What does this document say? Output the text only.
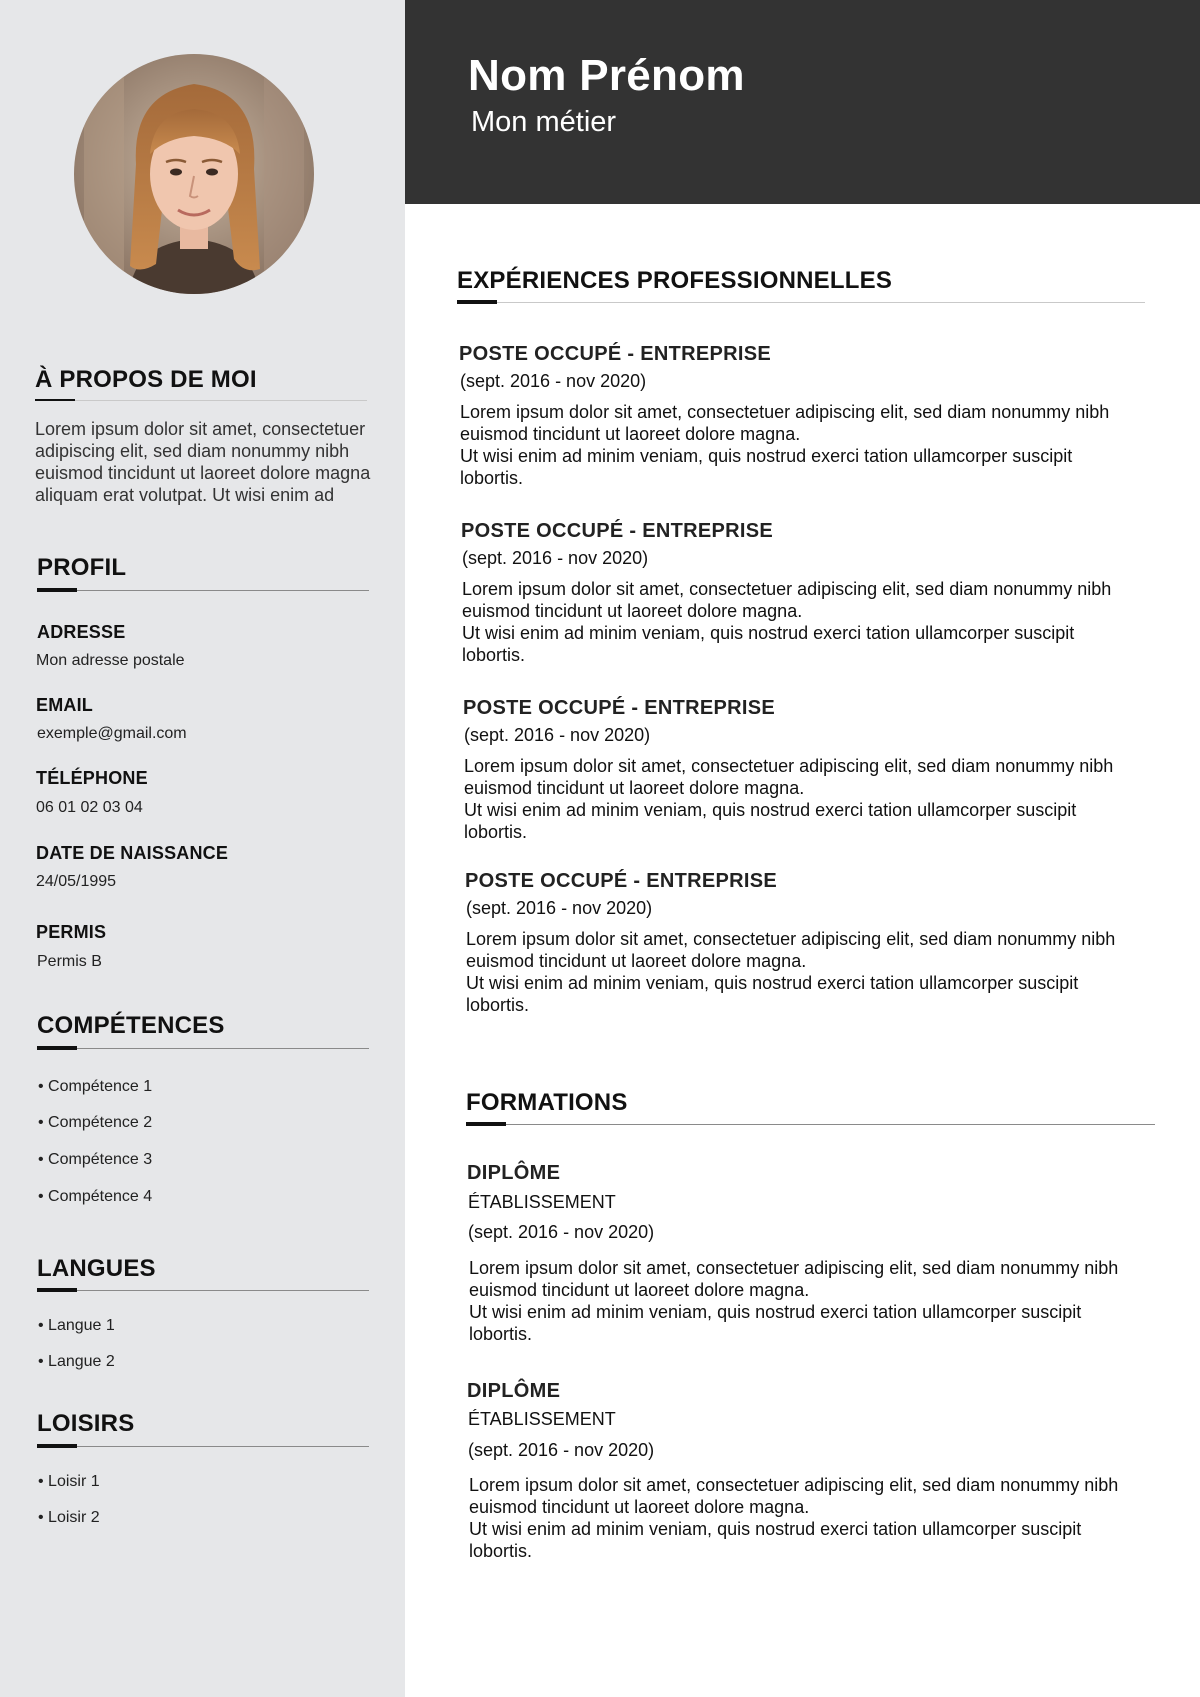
Nom Prénom
Mon métier
À PROPOS DE MOI
Lorem ipsum dolor sit amet, consectetuer adipiscing elit, sed diam nonummy nibh euismod tincidunt ut laoreet dolore magna aliquam erat volutpat. Ut wisi enim ad
PROFIL
ADRESSE
Mon adresse postale
EMAIL
exemple@gmail.com
TÉLÉPHONE
06 01 02 03 04
DATE DE NAISSANCE
24/05/1995
PERMIS
Permis B
COMPÉTENCES
• Compétence 1
• Compétence 2
• Compétence 3
• Compétence 4
LANGUES
• Langue 1
• Langue 2
LOISIRS
• Loisir 1
• Loisir 2
EXPÉRIENCES PROFESSIONNELLES
POSTE OCCUPÉ - ENTREPRISE
(sept. 2016 - nov 2020)
Lorem ipsum dolor sit amet, consectetuer adipiscing elit, sed diam nonummy nibh
euismod tincidunt ut laoreet dolore magna.
Ut wisi enim ad minim veniam, quis nostrud exerci tation ullamcorper suscipit
lobortis.
POSTE OCCUPÉ - ENTREPRISE
(sept. 2016 - nov 2020)
Lorem ipsum dolor sit amet, consectetuer adipiscing elit, sed diam nonummy nibh
euismod tincidunt ut laoreet dolore magna.
Ut wisi enim ad minim veniam, quis nostrud exerci tation ullamcorper suscipit
lobortis.
POSTE OCCUPÉ - ENTREPRISE
(sept. 2016 - nov 2020)
Lorem ipsum dolor sit amet, consectetuer adipiscing elit, sed diam nonummy nibh
euismod tincidunt ut laoreet dolore magna.
Ut wisi enim ad minim veniam, quis nostrud exerci tation ullamcorper suscipit
lobortis.
POSTE OCCUPÉ - ENTREPRISE
(sept. 2016 - nov 2020)
Lorem ipsum dolor sit amet, consectetuer adipiscing elit, sed diam nonummy nibh
euismod tincidunt ut laoreet dolore magna.
Ut wisi enim ad minim veniam, quis nostrud exerci tation ullamcorper suscipit
lobortis.
FORMATIONS
DIPLÔME
ÉTABLISSEMENT
(sept. 2016 - nov 2020)
Lorem ipsum dolor sit amet, consectetuer adipiscing elit, sed diam nonummy nibh
euismod tincidunt ut laoreet dolore magna.
Ut wisi enim ad minim veniam, quis nostrud exerci tation ullamcorper suscipit
lobortis.
DIPLÔME
ÉTABLISSEMENT
(sept. 2016 - nov 2020)
Lorem ipsum dolor sit amet, consectetuer adipiscing elit, sed diam nonummy nibh
euismod tincidunt ut laoreet dolore magna.
Ut wisi enim ad minim veniam, quis nostrud exerci tation ullamcorper suscipit
lobortis.
